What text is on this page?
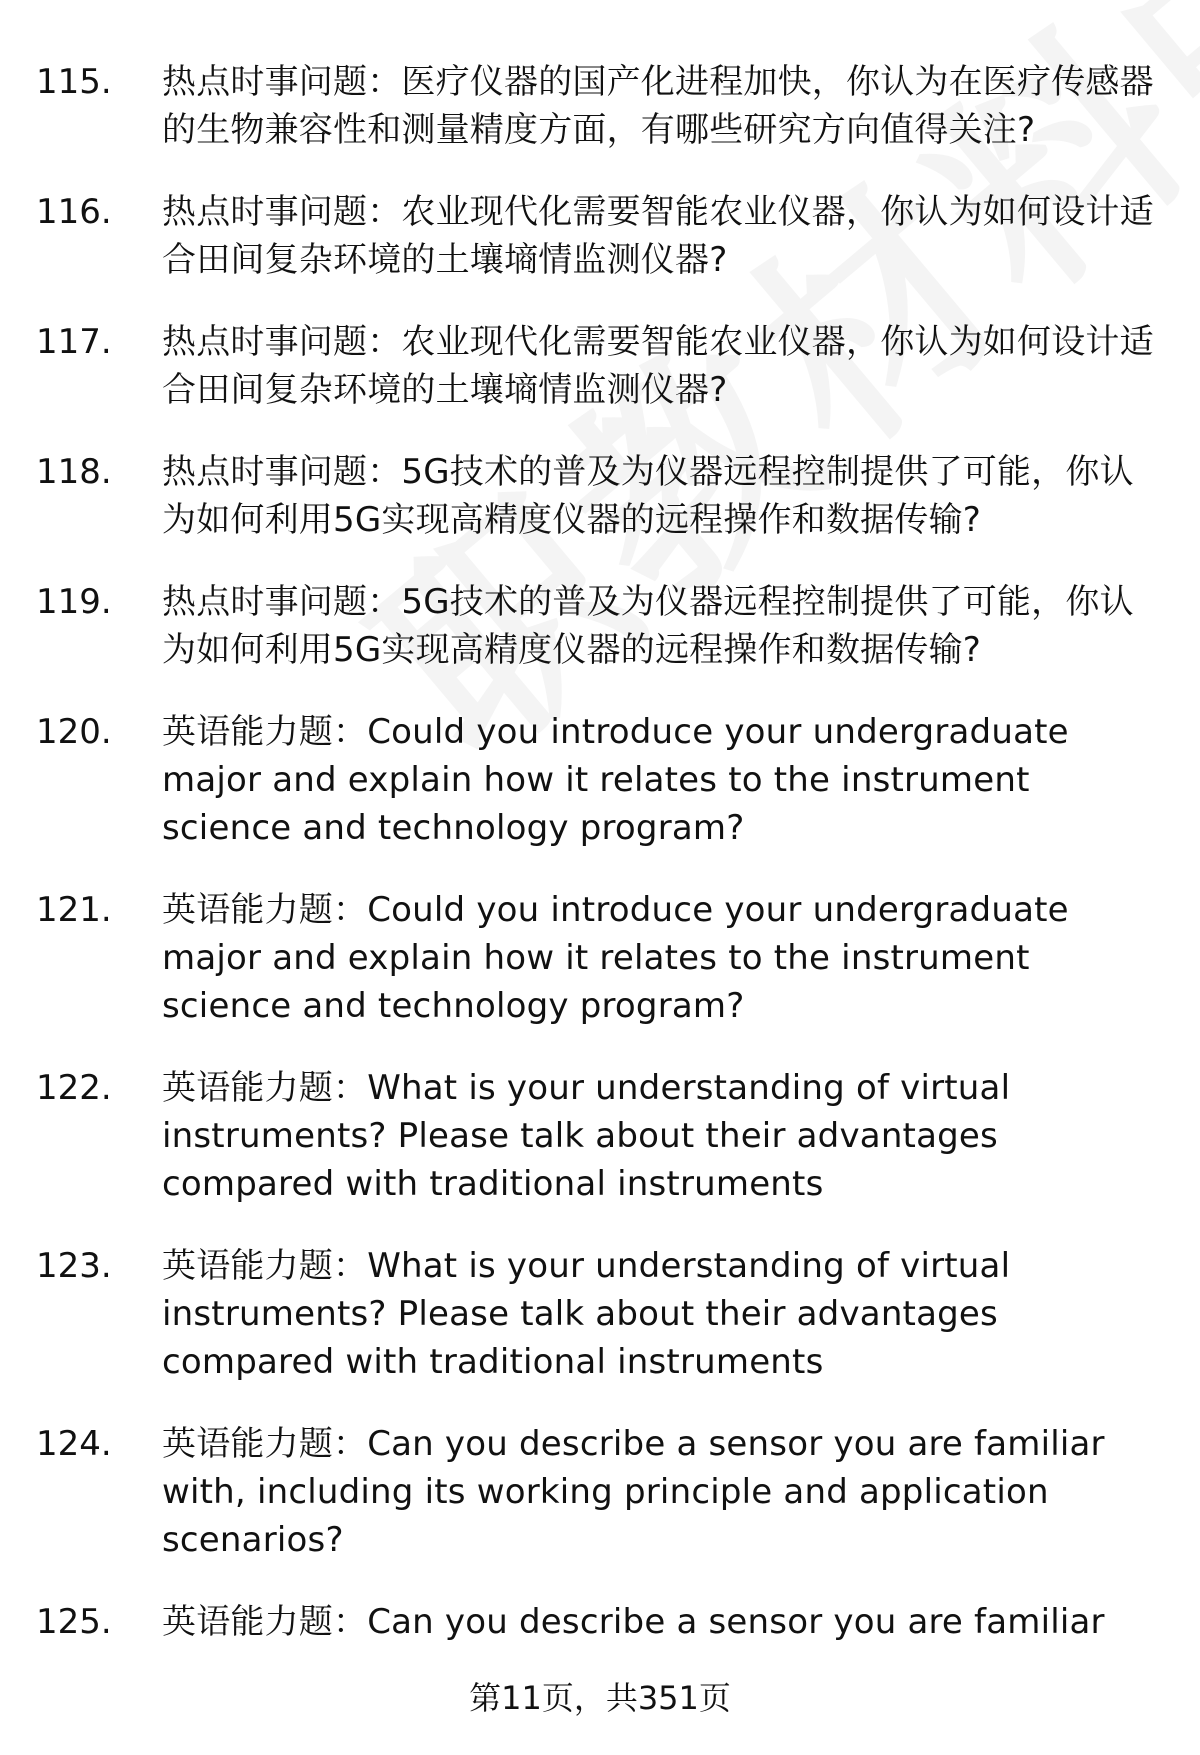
115.	热点时事问题：医疗仪器的国产化进程加快，你认为在医疗传感器的生物兼容性和测量精度方面，有哪些研究方向值得关注?
116.	热点时事问题：农业现代化需要智能农业仪器，你认为如何设计适合田间复杂环境的土壤墒情监测仪器?
117.	热点时事问题：农业现代化需要智能农业仪器，你认为如何设计适合田间复杂环境的土壤墒情监测仪器?
118.	热点时事问题：5G技术的普及为仪器远程控制提供了可能，你认为如何利用5G实现高精度仪器的远程操作和数据传输?
119.	热点时事问题：5G技术的普及为仪器远程控制提供了可能，你认为如何利用5G实现高精度仪器的远程操作和数据传输?
120.	英语能力题：Could you introduce your undergraduate major and explain how it relates to the instrument science and technology program?
121.	英语能力题：Could you introduce your undergraduate major and explain how it relates to the instrument science and technology program?
122.	英语能力题：What is your understanding of virtual instruments? Please talk about their advantages compared with traditional instruments
123.	英语能力题：What is your understanding of virtual instruments? Please talk about their advantages compared with traditional instruments
124.	英语能力题：Can you describe a sensor you are familiar with, including its working principle and application scenarios?
125.	英语能力题：Can you describe a sensor you are familiar
第11页，共351页
